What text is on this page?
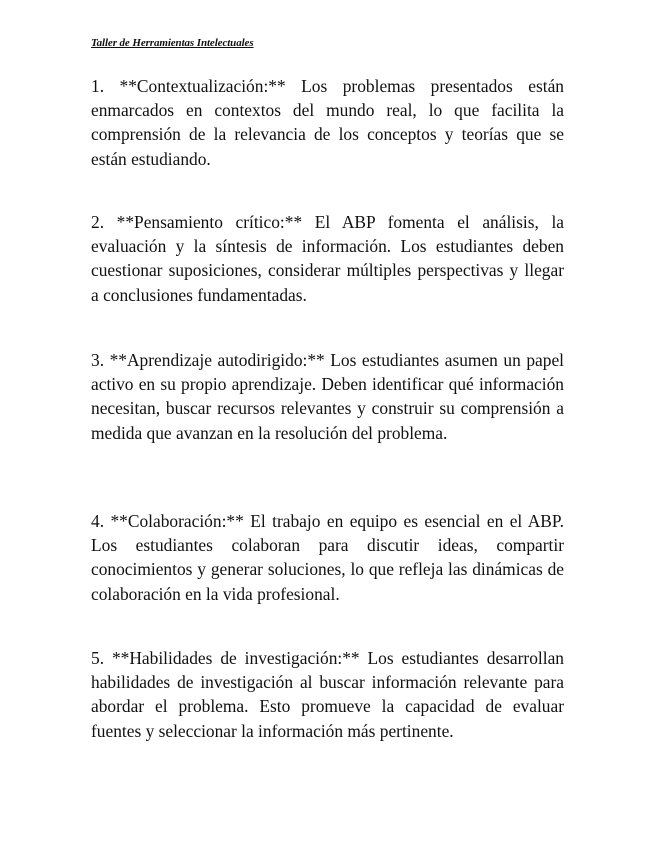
Taller de Herramientas Intelectuales

1. **Contextualización:** Los problemas presentados están enmarcados en contextos del mundo real, lo que facilita la comprensión de la relevancia de los conceptos y teorías que se están estudiando.

2. **Pensamiento crítico:** El ABP fomenta el análisis, la evaluación y la síntesis de información. Los estudiantes deben cuestionar suposiciones, considerar múltiples perspectivas y llegar a conclusiones fundamentadas.

3. **Aprendizaje autodirigido:** Los estudiantes asumen un papel activo en su propio aprendizaje. Deben identificar qué información necesitan, buscar recursos relevantes y construir su comprensión a medida que avanzan en la resolución del problema.

4. **Colaboración:** El trabajo en equipo es esencial en el ABP. Los estudiantes colaboran para discutir ideas, compartir conocimientos y generar soluciones, lo que refleja las dinámicas de colaboración en la vida profesional.

5. **Habilidades de investigación:** Los estudiantes desarrollan habilidades de investigación al buscar información relevante para abordar el problema. Esto promueve la capacidad de evaluar fuentes y seleccionar la información más pertinente.
